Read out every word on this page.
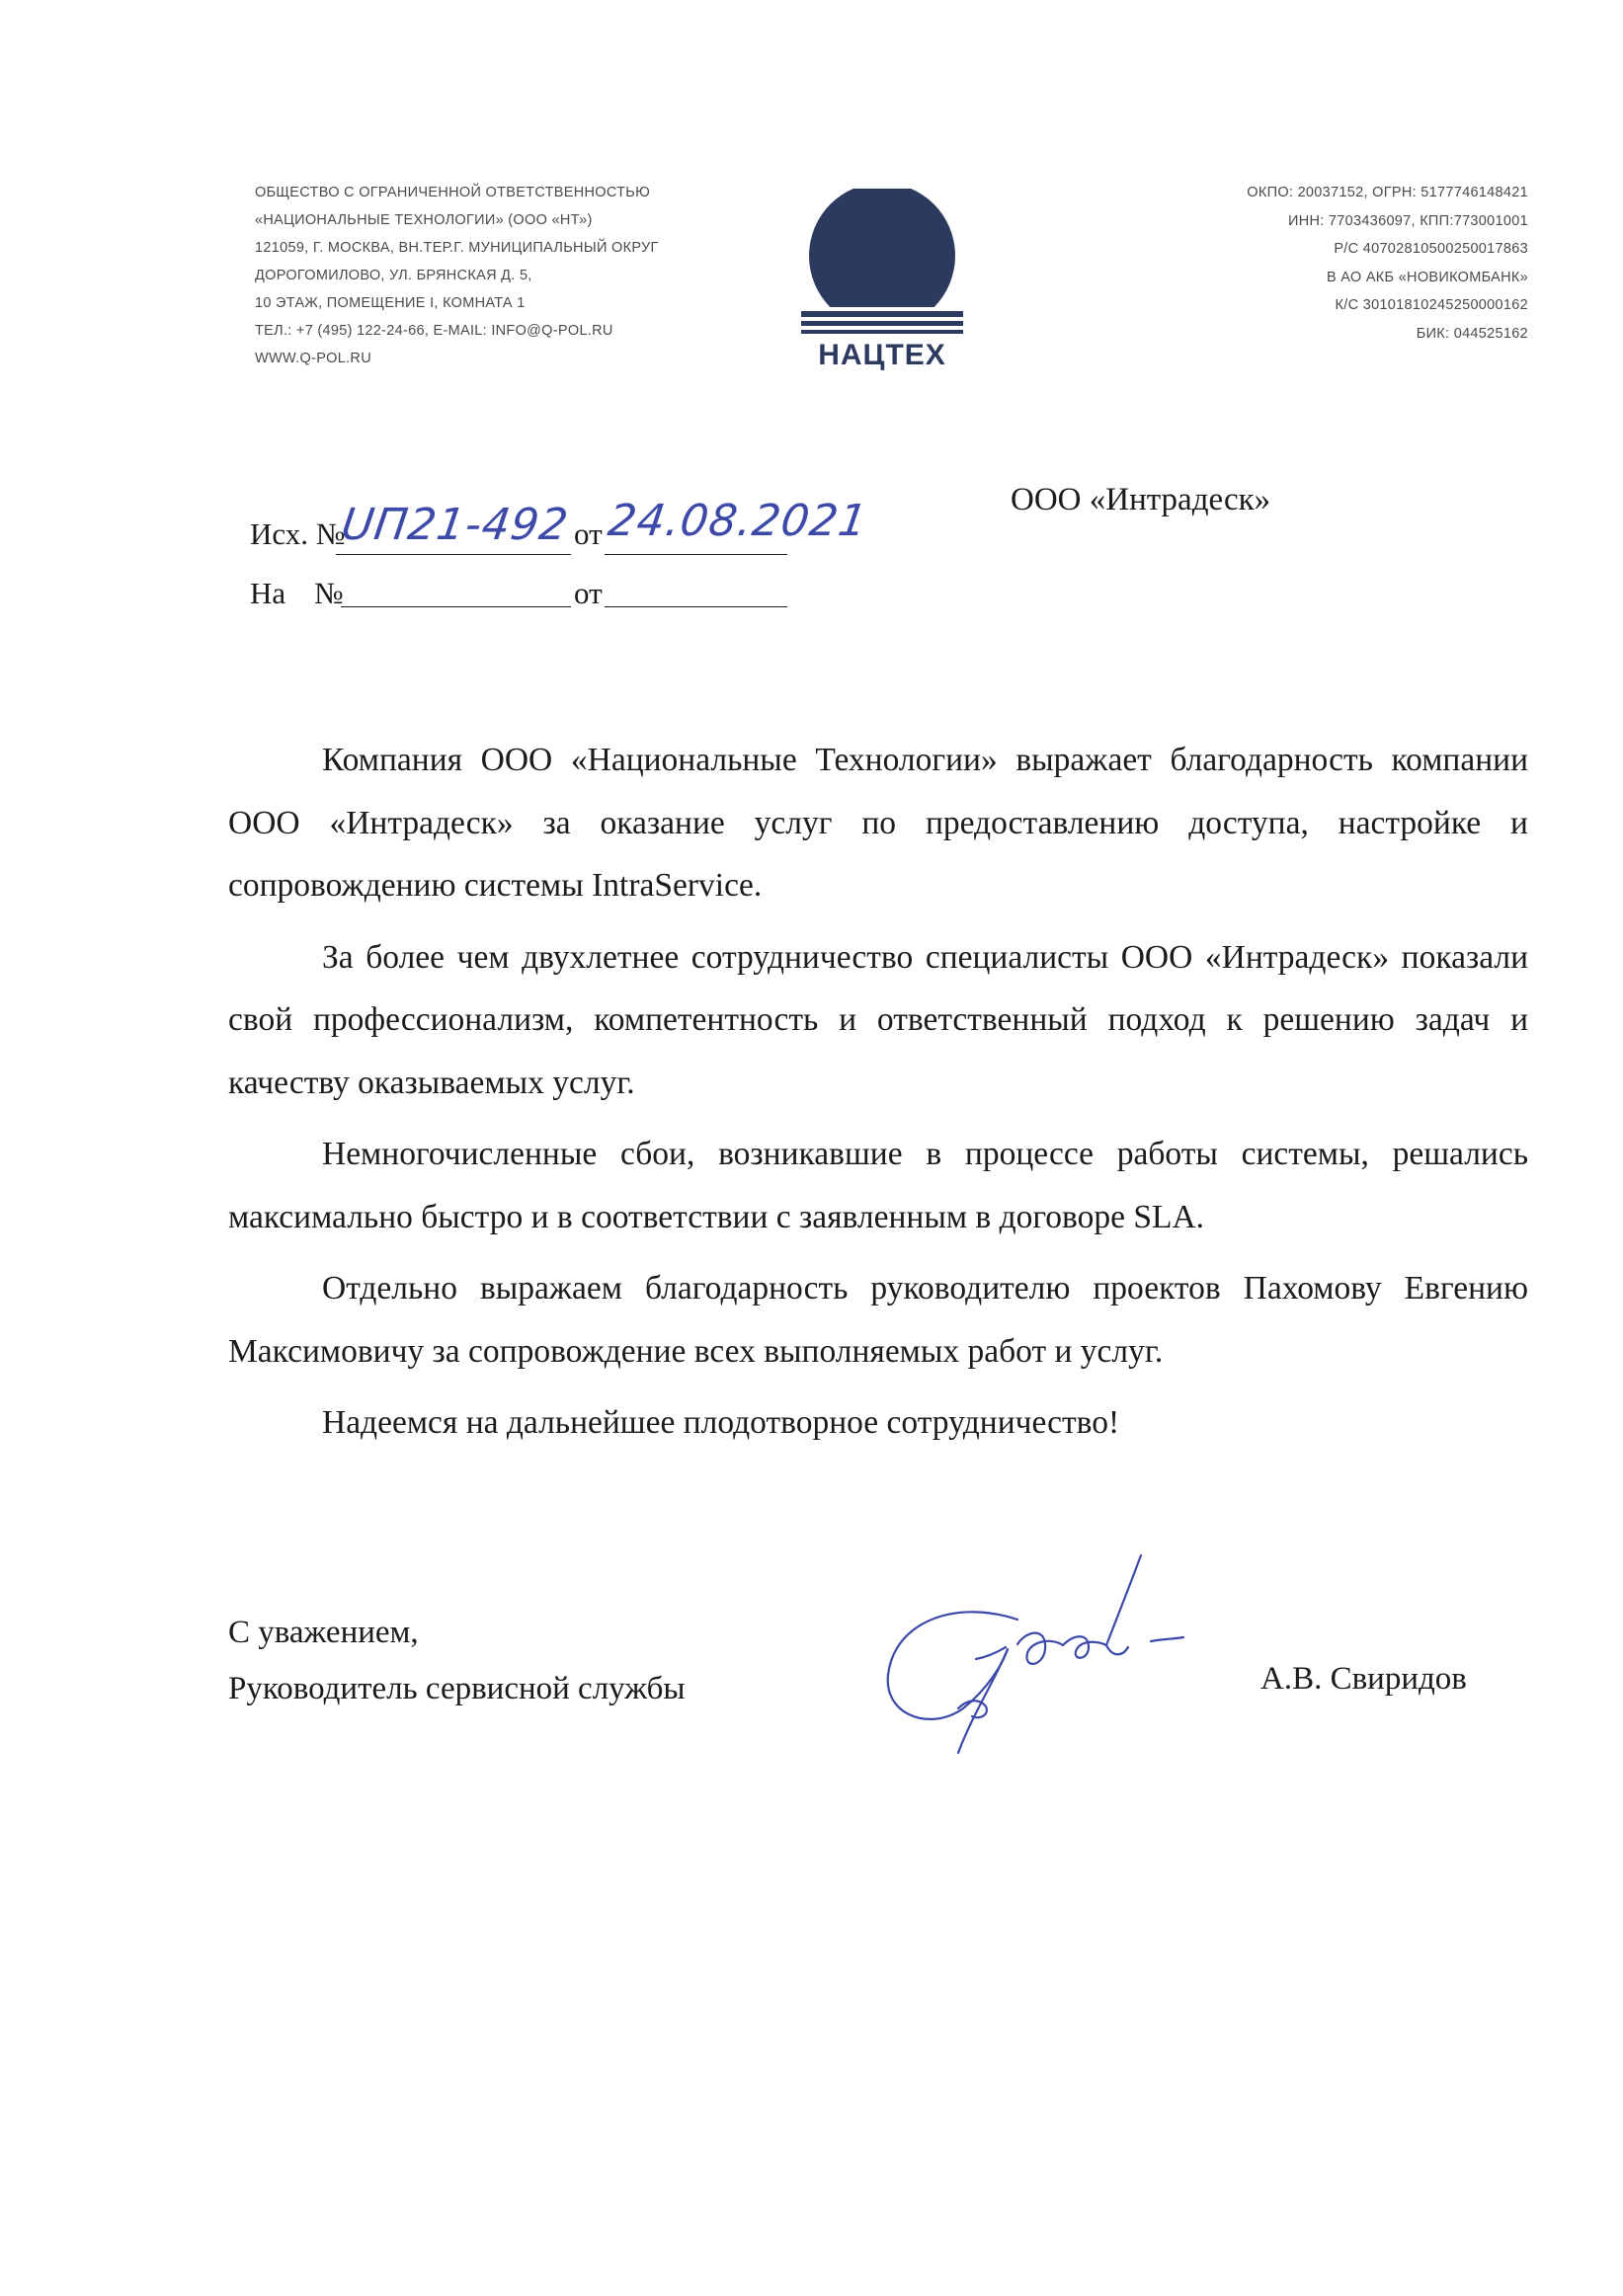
ОБЩЕСТВО С ОГРАНИЧЕННОЙ ОТВЕТСТВЕННОСТЬЮ
«НАЦИОНАЛЬНЫЕ ТЕХНОЛОГИИ» (ООО «НТ»)
121059, Г. МОСКВА, ВН.ТЕР.Г. МУНИЦИПАЛЬНЫЙ ОКРУГ
ДОРОГОМИЛОВО, УЛ. БРЯНСКАЯ Д. 5,
10 ЭТАЖ, ПОМЕЩЕНИЕ I, КОМНАТА 1
ТЕЛ.: +7 (495) 122-24-66, E-MAIL: INFO@Q-POL.RU
WWW.Q-POL.RU	НАЦТЕХ
ОКПО: 20037152, ОГРН: 5177746148421
ИНН: 7703436097, КПП:773001001
Р/С 40702810500250017863
В АО АКБ «НОВИКОМБАНК»
К/С 30101810245250000162
БИК: 044525162
Исх. №
UП21-492 от 24.08.2021
На №	от
ООО «Интрадеск»

Компания ООО «Национальные Технологии» выражает благодарность компании ООО «Интрадеск» за оказание услуг по предоставлению доступа, настройке и сопровождению системы IntraService.

За более чем двухлетнее сотрудничество специалисты ООО «Интрадеск» показали свой профессионализм, компетентность и ответственный подход к решению задач и качеству оказываемых услуг.

Немногочисленные сбои, возникавшие в процессе работы системы, решались максимально быстро и в соответствии с заявленным в договоре SLA.

Отдельно выражаем благодарность руководителю проектов Пахомову Евгению Максимовичу за сопровождение всех выполняемых работ и услуг.

Надеемся на дальнейшее плодотворное сотрудничество!

С уважением,
Руководитель сервисной службы	А.В. Свиридов
